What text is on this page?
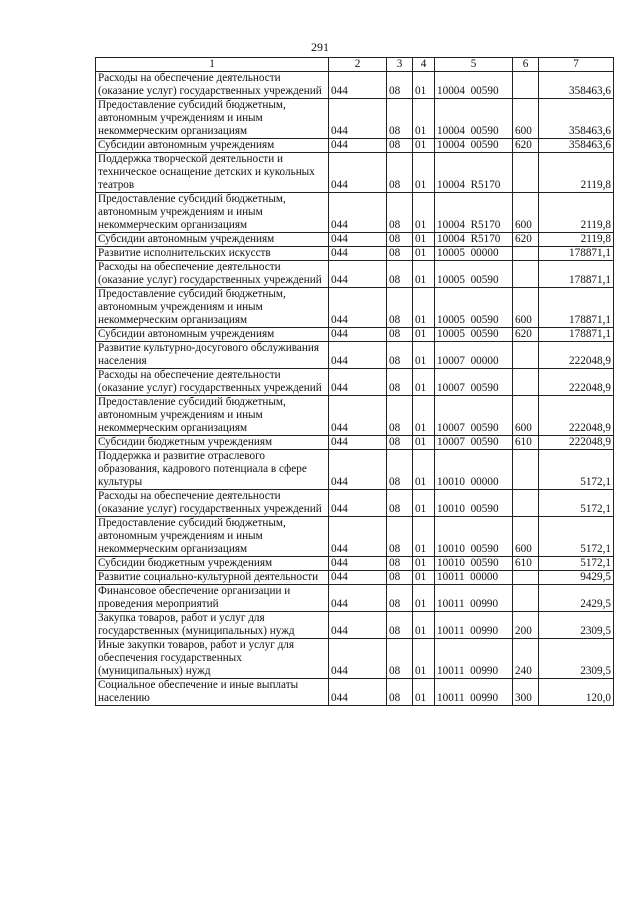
291
1	2	3	4	5	6	7
Расходы на обеспечение деятельности (оказание услуг) государственных учреждений	044	08	01	10004  00590		358463,6
Предоставление субсидий бюджетным, автономным учреждениям и иным некоммерческим организациям	044	08	01	10004  00590	600	358463,6
Субсидии автономным учреждениям	044	08	01	10004  00590	620	358463,6
Поддержка творческой деятельности и техническое оснащение детских и кукольных театров	044	08	01	10004  R5170		2119,8
Предоставление субсидий бюджетным, автономным учреждениям и иным некоммерческим организациям	044	08	01	10004  R5170	600	2119,8
Субсидии автономным учреждениям	044	08	01	10004  R5170	620	2119,8
Развитие исполнительских искусств	044	08	01	10005  00000		178871,1
Расходы на обеспечение деятельности (оказание услуг) государственных учреждений	044	08	01	10005  00590		178871,1
Предоставление субсидий бюджетным, автономным учреждениям и иным некоммерческим организациям	044	08	01	10005  00590	600	178871,1
Субсидии автономным учреждениям	044	08	01	10005  00590	620	178871,1
Развитие культурно-досугового обслуживания населения	044	08	01	10007  00000		222048,9
Расходы на обеспечение деятельности (оказание услуг) государственных учреждений	044	08	01	10007  00590		222048,9
Предоставление субсидий бюджетным, автономным учреждениям и иным некоммерческим организациям	044	08	01	10007  00590	600	222048,9
Субсидии бюджетным учреждениям	044	08	01	10007  00590	610	222048,9
Поддержка и развитие отраслевого образования, кадрового потенциала в сфере культуры	044	08	01	10010  00000		5172,1
Расходы на обеспечение деятельности (оказание услуг) государственных учреждений	044	08	01	10010  00590		5172,1
Предоставление субсидий бюджетным, автономным учреждениям и иным некоммерческим организациям	044	08	01	10010  00590	600	5172,1
Субсидии бюджетным учреждениям	044	08	01	10010  00590	610	5172,1
Развитие социально-культурной деятельности	044	08	01	10011  00000		9429,5
Финансовое обеспечение организации и проведения мероприятий	044	08	01	10011  00990		2429,5
Закупка товаров, работ и услуг для государственных (муниципальных) нужд	044	08	01	10011  00990	200	2309,5
Иные закупки товаров, работ и услуг для обеспечения государственных (муниципальных) нужд	044	08	01	10011  00990	240	2309,5
Социальное обеспечение и иные выплаты населению	044	08	01	10011  00990	300	120,0
